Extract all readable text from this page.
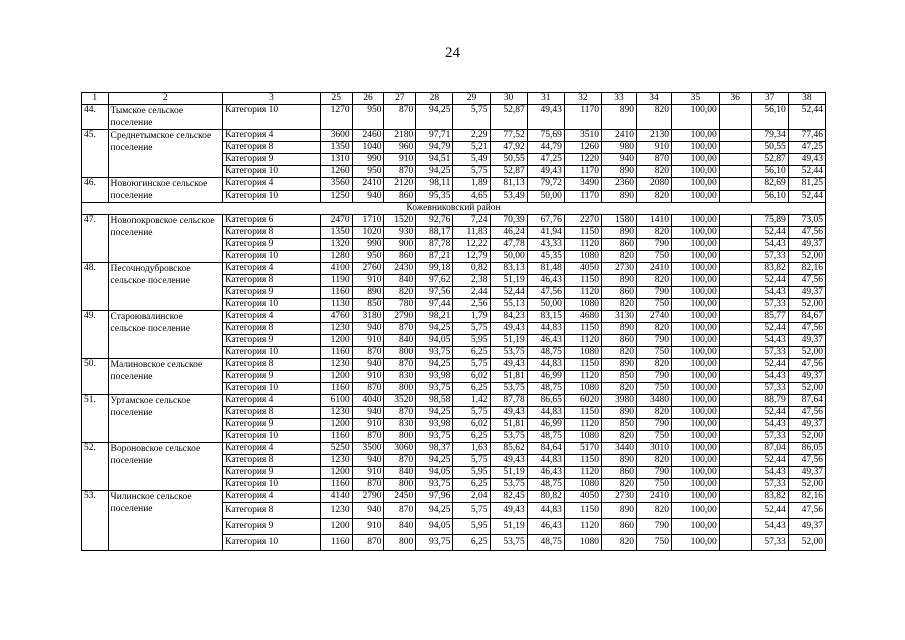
24
1	2	3	25	26	27	28	29	30	31	32	33	34	35	36	37	38
44.	Тымское сельское поселение	Категория 10	1270	950	870	94,25	5,75	52,87	49,43	1170	890	820	100,00		56,10	52,44
45.	Среднетымское сельское поселение	Категория 4	3600	2460	2180	97,71	2,29	77,52	75,69	3510	2410	2130	100,00		79,34	77,46
		Категория 8	1350	1040	960	94,79	5,21	47,92	44,79	1260	980	910	100,00		50,55	47,25
		Категория 9	1310	990	910	94,51	5,49	50,55	47,25	1220	940	870	100,00		52,87	49,43
		Категория 10	1260	950	870	94,25	5,75	52,87	49,43	1170	890	820	100,00		56,10	52,44
46.	Новоюгинское сельское поселение	Категория 4	3560	2410	2120	98,11	1,89	81,13	79,72	3490	2360	2080	100,00		82,69	81,25
		Категория 10	1250	940	860	95,35	4,65	53,49	50,00	1170	890	820	100,00		56,10	52,44
Кожевниковский район																
47.	Новопокровское сельское поселение	Категория 6	2470	1710	1520	92,76	7,24	70,39	67,76	2270	1580	1410	100,00		75,89	73,05
		Категория 8	1350	1020	930	88,17	11,83	46,24	41,94	1150	890	820	100,00		52,44	47,56
		Категория 9	1320	990	900	87,78	12,22	47,78	43,33	1120	860	790	100,00		54,43	49,37
		Категория 10	1280	950	860	87,21	12,79	50,00	45,35	1080	820	750	100,00		57,33	52,00
48.	Песочнодубровское сельское поселение	Категория 4	4100	2760	2430	99,18	0,82	83,13	81,48	4050	2730	2410	100,00		83,82	82,16
		Категория 8	1190	910	840	97,62	2,38	51,19	46,43	1150	890	820	100,00		52,44	47,56
		Категория 9	1160	890	820	97,56	2,44	52,44	47,56	1120	860	790	100,00		54,43	49,37
		Категория 10	1130	850	780	97,44	2,56	55,13	50,00	1080	820	750	100,00		57,33	52,00
49.	Староювалинское сельское поселение	Категория 4	4760	3180	2790	98,21	1,79	84,23	83,15	4680	3130	2740	100,00		85,77	84,67
		Категория 8	1230	940	870	94,25	5,75	49,43	44,83	1150	890	820	100,00		52,44	47,56
		Категория 9	1200	910	840	94,05	5,95	51,19	46,43	1120	860	790	100,00		54,43	49,37
		Категория 10	1160	870	800	93,75	6,25	53,75	48,75	1080	820	750	100,00		57,33	52,00
50.	Малиновское сельское поселение	Категория 8	1230	940	870	94,25	5,75	49,43	44,83	1150	890	820	100,00		52,44	47,56
		Категория 9	1200	910	830	93,98	6,02	51,81	46,99	1120	850	790	100,00		54,43	49,37
		Категория 10	1160	870	800	93,75	6,25	53,75	48,75	1080	820	750	100,00		57,33	52,00
51.	Уртамское сельское поселение	Категория 4	6100	4040	3520	98,58	1,42	87,78	86,65	6020	3980	3480	100,00		88,79	87,64
		Категория 8	1230	940	870	94,25	5,75	49,43	44,83	1150	890	820	100,00		52,44	47,56
		Категория 9	1200	910	830	93,98	6,02	51,81	46,99	1120	850	790	100,00		54,43	49,37
		Категория 10	1160	870	800	93,75	6,25	53,75	48,75	1080	820	750	100,00		57,33	52,00
52.	Вороновское сельское поселение	Категория 4	5250	3500	3060	98,37	1,63	85,62	84,64	5170	3440	3010	100,00		87,04	86,05
		Категория 8	1230	940	870	94,25	5,75	49,43	44,83	1150	890	820	100,00		52,44	47,56
		Категория 9	1200	910	840	94,05	5,95	51,19	46,43	1120	860	790	100,00		54,43	49,37
		Категория 10	1160	870	800	93,75	6,25	53,75	48,75	1080	820	750	100,00		57,33	52,00
53.	Чилинское сельское поселение	Категория 4	4140	2790	2450	97,96	2,04	82,45	80,82	4050	2730	2410	100,00		83,82	82,16
		Категория 8	1230	940	870	94,25	5,75	49,43	44,83	1150	890	820	100,00		52,44	47,56
		Категория 9	1200	910	840	94,05	5,95	51,19	46,43	1120	860	790	100,00		54,43	49,37
		Категория 10	1160	870	800	93,75	6,25	53,75	48,75	1080	820	750	100,00		57,33	52,00
